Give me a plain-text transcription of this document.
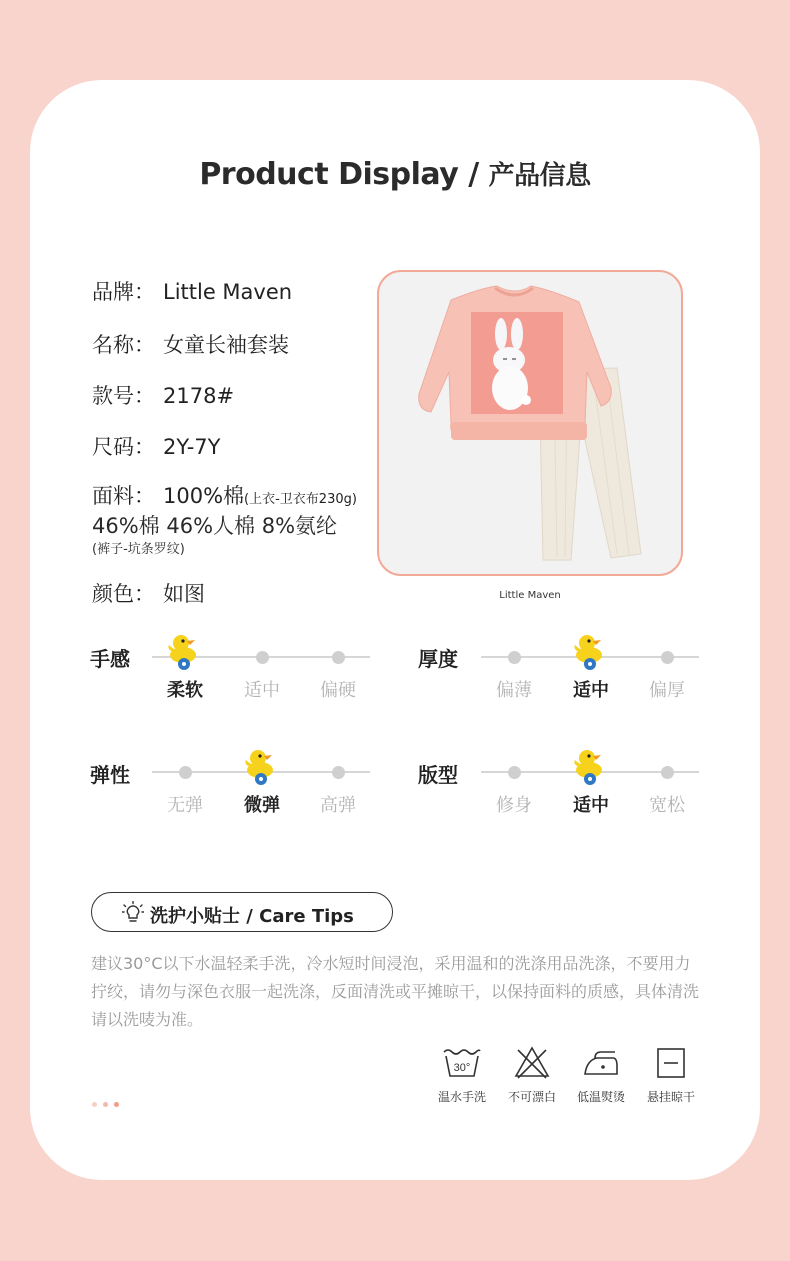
Product Display / 产品信息
品牌： Little Maven
名称： 女童长袖套装
款号： 2178#
尺码： 2Y-7Y
面料： 100%棉(上衣-卫衣布230g)
46%棉 46%人棉 8%氨纶
(裤子-坑条罗纹)
颜色： 如图	Little Maven
手感
柔软	适中	偏硬
厚度
偏薄	适中	偏厚
弹性
无弹	微弹	高弹
版型
修身	适中	宽松
洗护小贴士 / Care Tips
建议30°C以下水温轻柔手洗，冷水短时间浸泡，采用温和的洗涤用品洗涤，不要用力拧绞，请勿与深色衣服一起洗涤，反面清洗或平摊晾干，以保持面料的质感，具体清洗请以洗唛为准。
30°
温水手洗	不可漂白	低温熨烫	悬挂晾干
